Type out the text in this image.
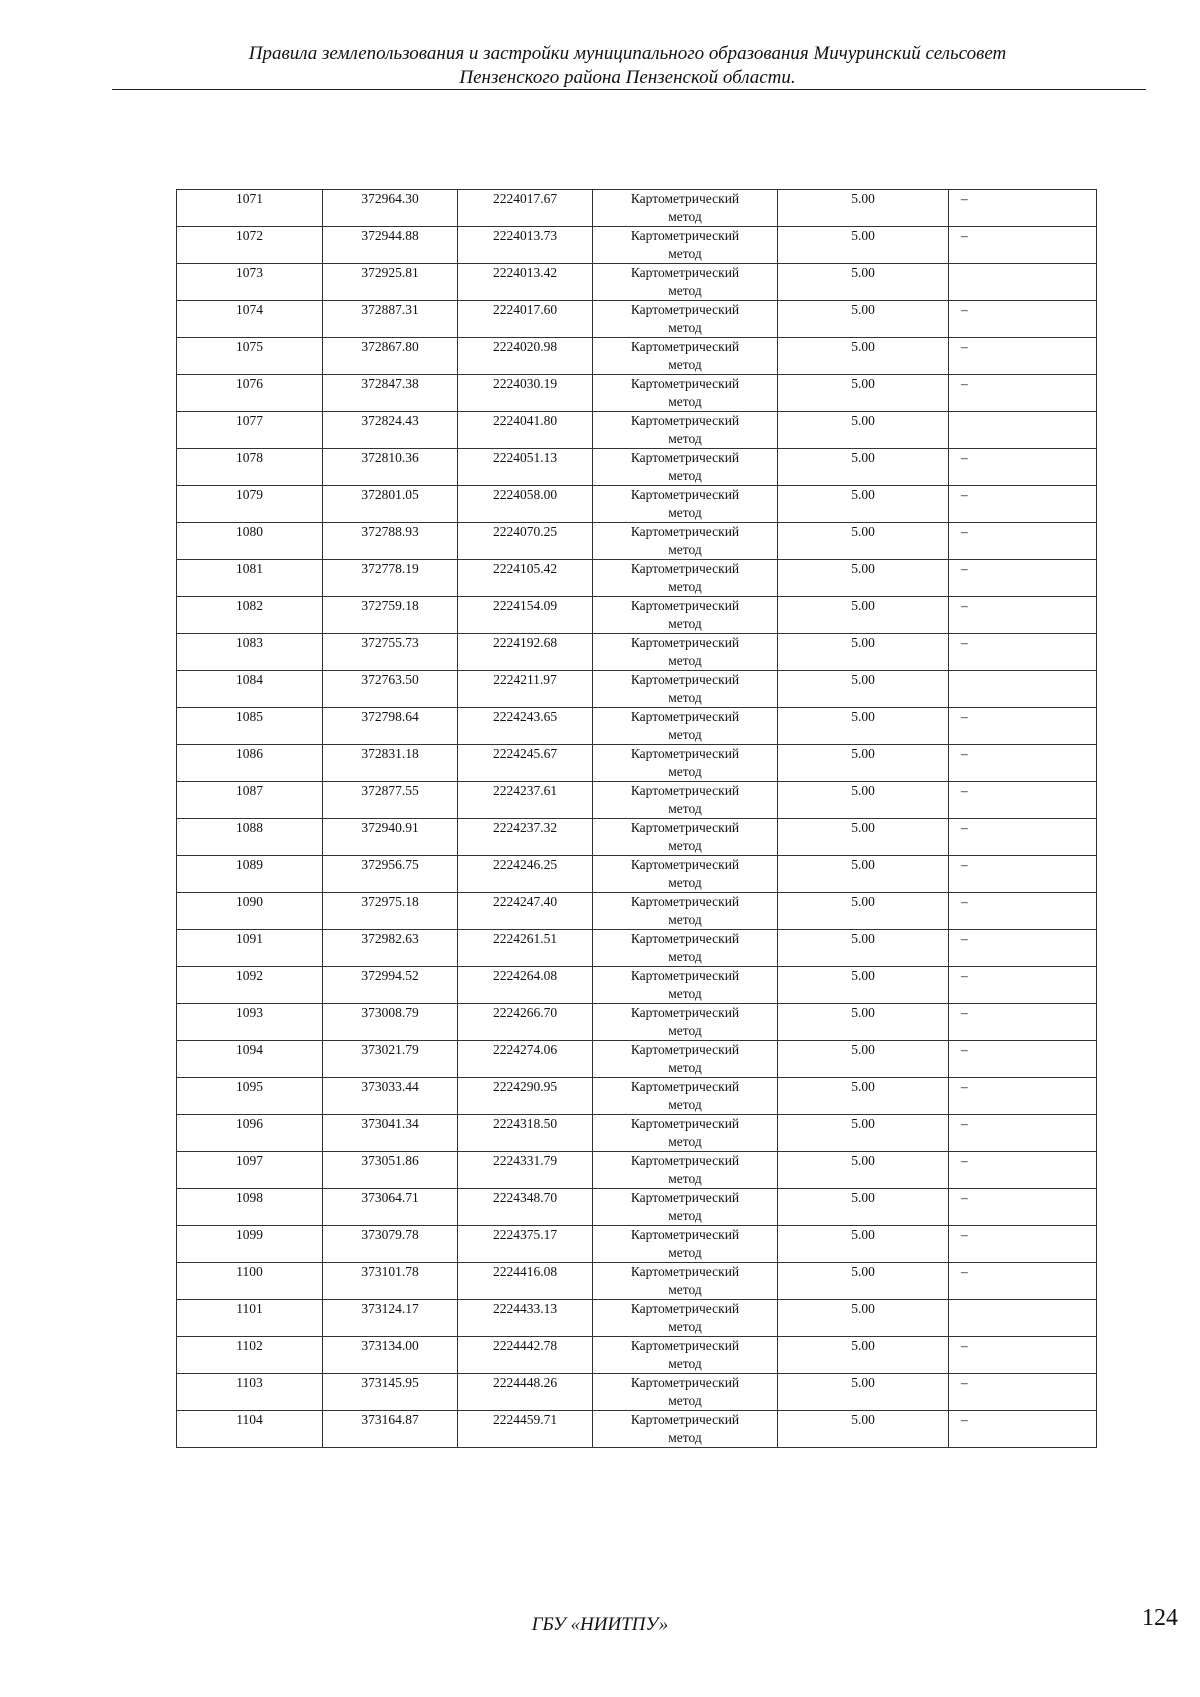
Правила землепользования и застройки муниципального образования Мичуринский сельсовет
Пензенского района Пензенской области.
1071	372964.30	2224017.67	Картометрический
метод	5.00	–
1072	372944.88	2224013.73	Картометрический
метод	5.00	–
1073	372925.81	2224013.42	Картометрический
метод	5.00	
1074	372887.31	2224017.60	Картометрический
метод	5.00	–
1075	372867.80	2224020.98	Картометрический
метод	5.00	–
1076	372847.38	2224030.19	Картометрический
метод	5.00	–
1077	372824.43	2224041.80	Картометрический
метод	5.00	
1078	372810.36	2224051.13	Картометрический
метод	5.00	–
1079	372801.05	2224058.00	Картометрический
метод	5.00	–
1080	372788.93	2224070.25	Картометрический
метод	5.00	–
1081	372778.19	2224105.42	Картометрический
метод	5.00	–
1082	372759.18	2224154.09	Картометрический
метод	5.00	–
1083	372755.73	2224192.68	Картометрический
метод	5.00	–
1084	372763.50	2224211.97	Картометрический
метод	5.00	
1085	372798.64	2224243.65	Картометрический
метод	5.00	–
1086	372831.18	2224245.67	Картометрический
метод	5.00	–
1087	372877.55	2224237.61	Картометрический
метод	5.00	–
1088	372940.91	2224237.32	Картометрический
метод	5.00	–
1089	372956.75	2224246.25	Картометрический
метод	5.00	–
1090	372975.18	2224247.40	Картометрический
метод	5.00	–
1091	372982.63	2224261.51	Картометрический
метод	5.00	–
1092	372994.52	2224264.08	Картометрический
метод	5.00	–
1093	373008.79	2224266.70	Картометрический
метод	5.00	–
1094	373021.79	2224274.06	Картометрический
метод	5.00	–
1095	373033.44	2224290.95	Картометрический
метод	5.00	–
1096	373041.34	2224318.50	Картометрический
метод	5.00	–
1097	373051.86	2224331.79	Картометрический
метод	5.00	–
1098	373064.71	2224348.70	Картометрический
метод	5.00	–
1099	373079.78	2224375.17	Картометрический
метод	5.00	–
1100	373101.78	2224416.08	Картометрический
метод	5.00	–
1101	373124.17	2224433.13	Картометрический
метод	5.00	
1102	373134.00	2224442.78	Картометрический
метод	5.00	–
1103	373145.95	2224448.26	Картометрический
метод	5.00	–
1104	373164.87	2224459.71	Картометрический
метод	5.00	–
ГБУ «НИИТПУ»	124
